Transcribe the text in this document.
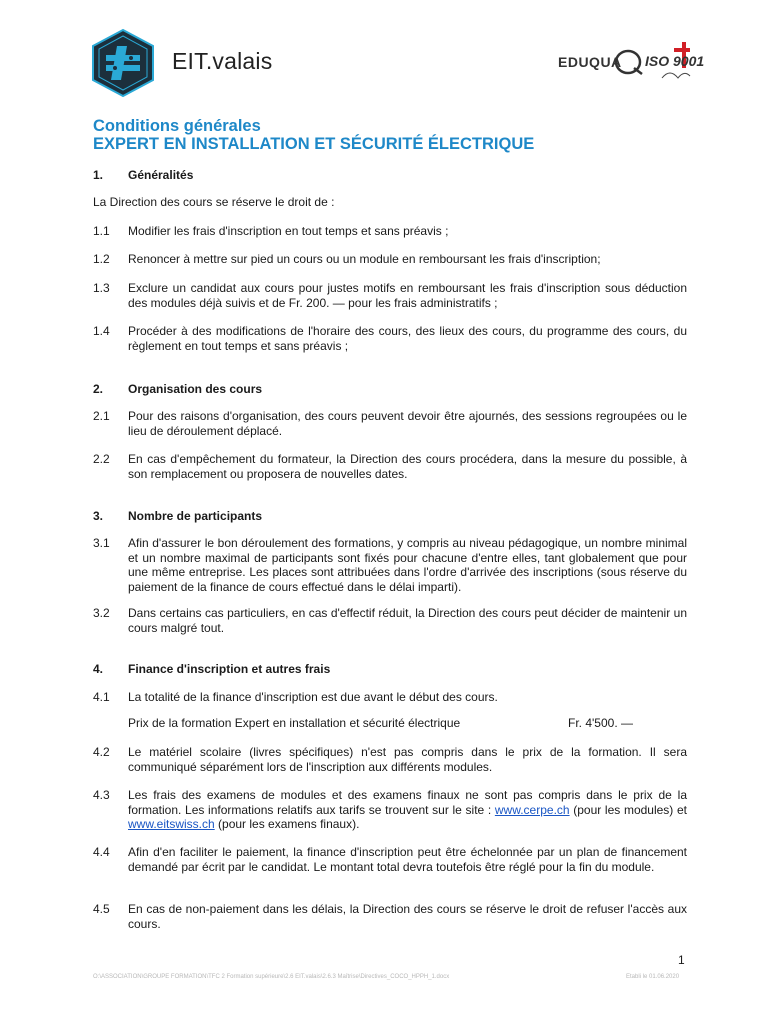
EIT.valais	EDUQUA ISO 9001
Conditions générales
EXPERT EN INSTALLATION ET SÉCURITÉ ÉLECTRIQUE
1. Généralités
La Direction des cours se réserve le droit de :
1.1 Modifier les frais d'inscription en tout temps et sans préavis ;
1.2 Renoncer à mettre sur pied un cours ou un module en remboursant les frais d'inscription;
1.3 Exclure un candidat aux cours pour justes motifs en remboursant les frais d'inscription sous déduction des modules déjà suivis et de Fr. 200. — pour les frais administratifs ;
1.4 Procéder à des modifications de l'horaire des cours, des lieux des cours, du programme des cours, du règlement en tout temps et sans préavis ;
2. Organisation des cours
2.1 Pour des raisons d'organisation, des cours peuvent devoir être ajournés, des sessions regroupées ou le lieu de déroulement déplacé.
2.2 En cas d'empêchement du formateur, la Direction des cours procédera, dans la mesure du possible, à son remplacement ou proposera de nouvelles dates.
3. Nombre de participants
3.1 Afin d'assurer le bon déroulement des formations, y compris au niveau pédagogique, un nombre minimal et un nombre maximal de participants sont fixés pour chacune d'entre elles, tant globalement que pour une même entreprise. Les places sont attribuées dans l'ordre d'arrivée des inscriptions (sous réserve du paiement de la finance de cours effectué dans le délai imparti).
3.2 Dans certains cas particuliers, en cas d'effectif réduit, la Direction des cours peut décider de maintenir un cours malgré tout.
4. Finance d'inscription et autres frais
4.1 La totalité de la finance d'inscription est due avant le début des cours.
Prix de la formation Expert en installation et sécurité électrique	Fr. 4'500. —
4.2 Le matériel scolaire (livres spécifiques) n'est pas compris dans le prix de la formation. Il sera communiqué séparément lors de l'inscription aux différents modules.
4.3 Les frais des examens de modules et des examens finaux ne sont pas compris dans le prix de la formation. Les informations relatifs aux tarifs se trouvent sur le site : www.cerpe.ch (pour les modules) et www.eitswiss.ch (pour les examens finaux).
4.4 Afin d'en faciliter le paiement, la finance d'inscription peut être échelonnée par un plan de financement demandé par écrit par le candidat. Le montant total devra toutefois être réglé pour la fin du module.
4.5 En cas de non-paiement dans les délais, la Direction des cours se réserve le droit de refuser l'accès aux cours.
1
O:\ASSOCIATION\GROUPE FORMATION\TFC 2 Formation supérieure\2.6 EIT.valais\2.6.3 Maîtrise\Directives_COCO_HPPH_1.docx	Etabli le 01.06.2020
